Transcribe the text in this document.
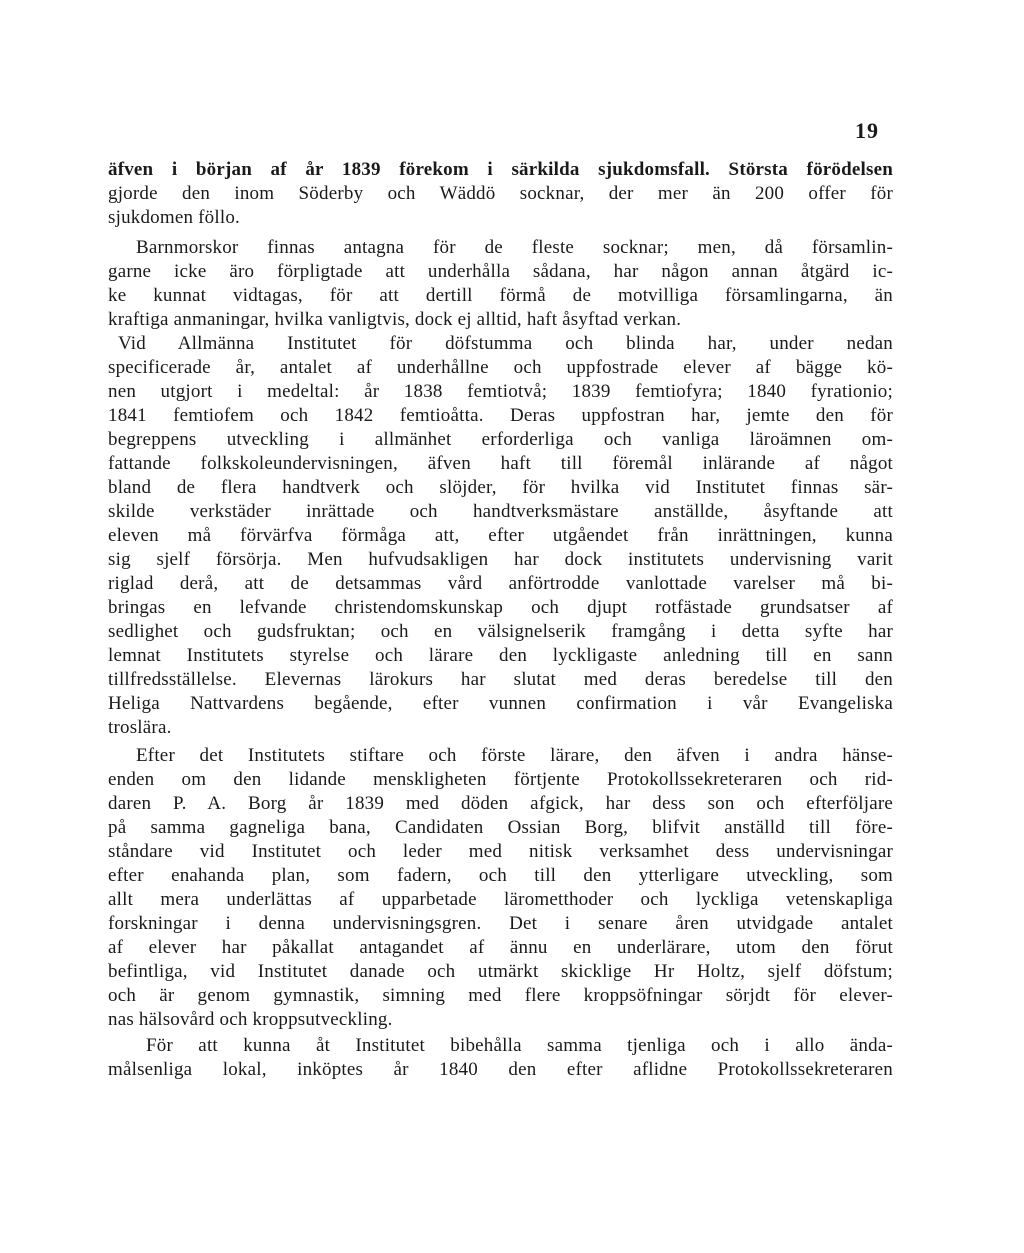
19
äfven i början af år 1839 förekom i särkilda sjukdomsfall. Största förödelsen
gjorde den inom Söderby och Wäddö socknar, der mer än 200 offer för
sjukdomen föllo.
Barnmorskor finnas antagna för de fleste socknar; men, då församlin-
garne icke äro förpligtade att underhålla sådana, har någon annan åtgärd ic-
ke kunnat vidtagas, för att dertill förmå de motvilliga församlingarna, än
kraftiga anmaningar, hvilka vanligtvis, dock ej alltid, haft åsyftad verkan.
Vid Allmänna Institutet för döfstumma och blinda har, under nedan
specificerade år, antalet af underhållne och uppfostrade elever af bägge kö-
nen utgjort i medeltal: år 1838 femtiotvå; 1839 femtiofyra; 1840 fyrationio;
1841 femtiofem och 1842 femtioåtta. Deras uppfostran har, jemte den för
begreppens utveckling i allmänhet erforderliga och vanliga läroämnen om-
fattande folkskoleundervisningen, äfven haft till föremål inlärande af något
bland de flera handtverk och slöjder, för hvilka vid Institutet finnas sär-
skilde verkstäder inrättade och handtverksmästare anställde, åsyftande att
eleven må förvärfva förmåga att, efter utgåendet från inrättningen, kunna
sig sjelf försörja. Men hufvudsakligen har dock institutets undervisning varit
riglad derå, att de detsammas vård anförtrodde vanlottade varelser må bi-
bringas en lefvande christendomskunskap och djupt rotfästade grundsatser af
sedlighet och gudsfruktan; och en välsignelserik framgång i detta syfte har
lemnat Institutets styrelse och lärare den lyckligaste anledning till en sann
tillfredsställelse. Elevernas lärokurs har slutat med deras beredelse till den
Heliga Nattvardens begående, efter vunnen confirmation i vår Evangeliska
troslära.
Efter det Institutets stiftare och förste lärare, den äfven i andra hänse-
enden om den lidande menskligheten förtjente Protokollssekreteraren och rid-
daren P. A. Borg år 1839 med döden afgick, har dess son och efterföljare
på samma gagneliga bana, Candidaten Ossian Borg, blifvit anställd till före-
ståndare vid Institutet och leder med nitisk verksamhet dess undervisningar
efter enahanda plan, som fadern, och till den ytterligare utveckling, som
allt mera underlättas af upparbetade lärometthoder och lyckliga vetenskapliga
forskningar i denna undervisningsgren. Det i senare åren utvidgade antalet
af elever har påkallat antagandet af ännu en underlärare, utom den förut
befintliga, vid Institutet danade och utmärkt skicklige Hr Holtz, sjelf döfstum;
och är genom gymnastik, simning med flere kroppsöfningar sörjdt för elever-
nas hälsovård och kroppsutveckling.
För att kunna åt Institutet bibehålla samma tjenliga och i allo ända-
målsenliga lokal, inköptes år 1840 den efter aflidne Protokollssekreteraren
